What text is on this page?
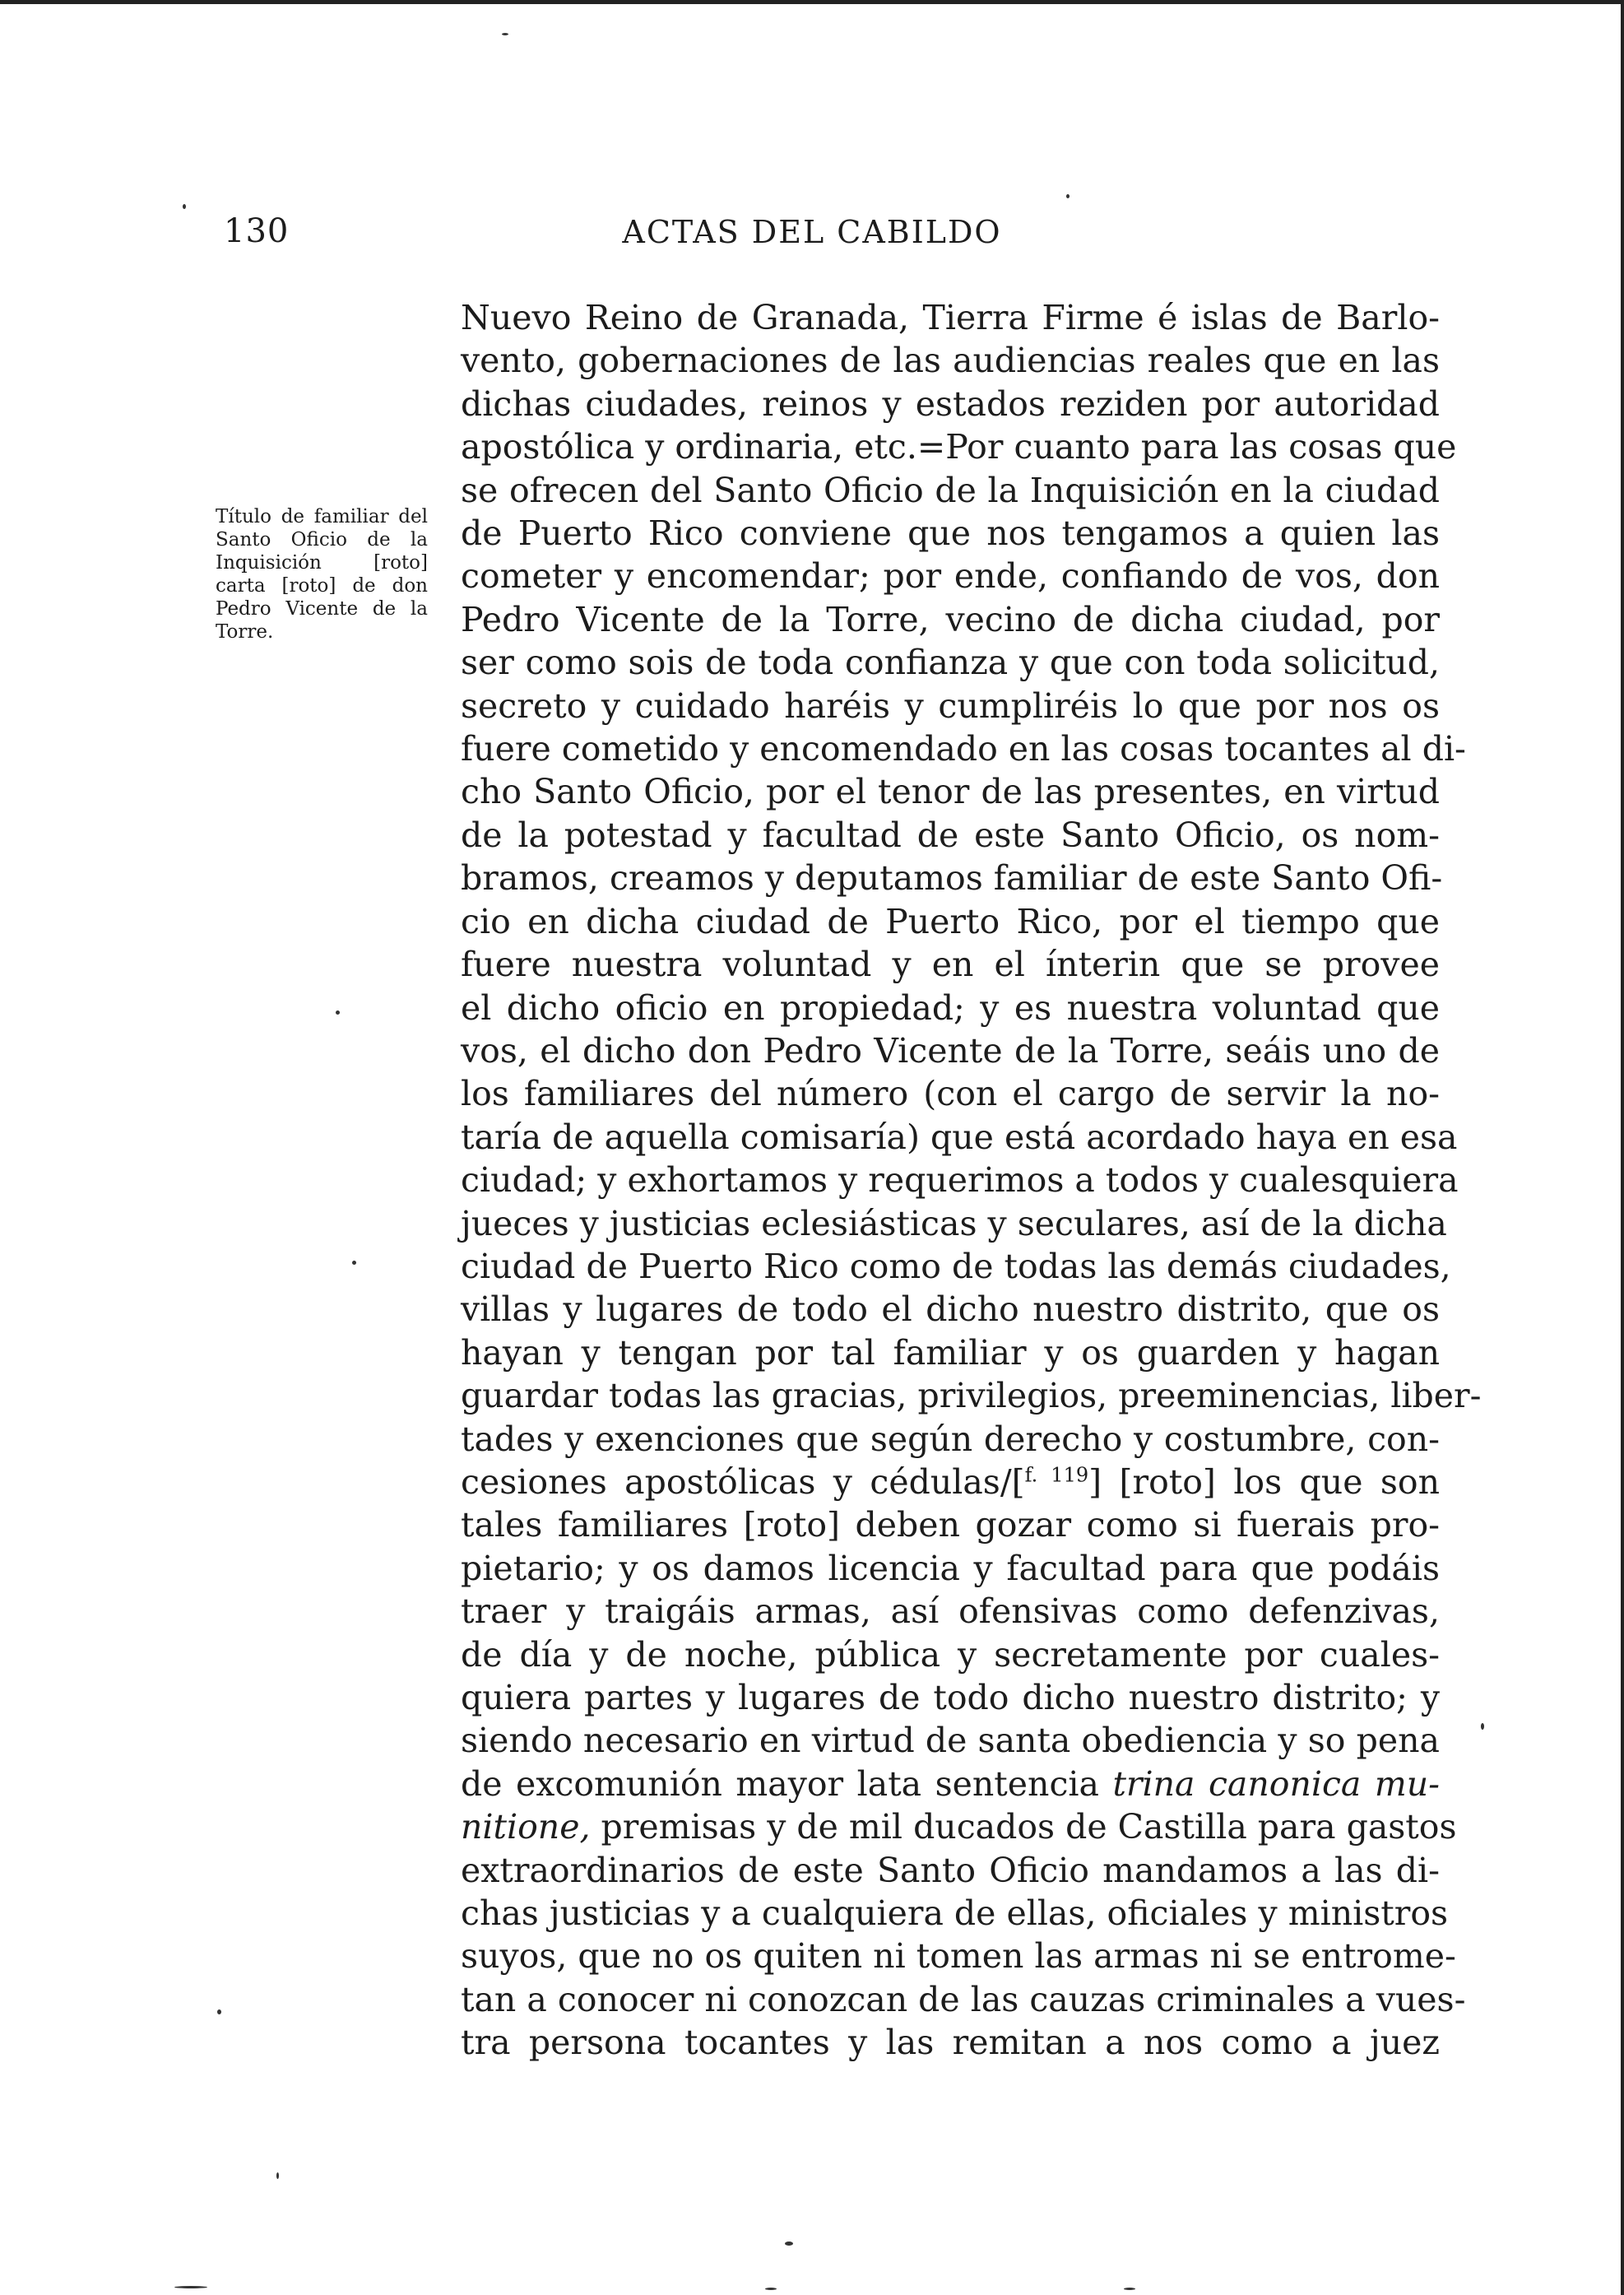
130	ACTAS DEL CABILDO
Título de familiar del Santo Oficio de la Inquisición [roto] carta [roto] de don Pedro Vicente de la Torre.
Nuevo Reino de Granada, Tierra Firme é islas de Barlo-
vento, gobernaciones de las audiencias reales que en las
dichas ciudades, reinos y estados reziden por autoridad
apostólica y ordinaria, etc.=Por cuanto para las cosas que
se ofrecen del Santo Oficio de la Inquisición en la ciudad
de Puerto Rico conviene que nos tengamos a quien las
cometer y encomendar; por ende, confiando de vos, don
Pedro Vicente de la Torre, vecino de dicha ciudad, por
ser como sois de toda confianza y que con toda solicitud,
secreto y cuidado haréis y cumpliréis lo que por nos os
fuere cometido y encomendado en las cosas tocantes al di-
cho Santo Oficio, por el tenor de las presentes, en virtud
de la potestad y facultad de este Santo Oficio, os nom-
bramos, creamos y deputamos familiar de este Santo Ofi-
cio en dicha ciudad de Puerto Rico, por el tiempo que
fuere nuestra voluntad y en el ínterin que se provee
el dicho oficio en propiedad; y es nuestra voluntad que
vos, el dicho don Pedro Vicente de la Torre, seáis uno de
los familiares del número (con el cargo de servir la no-
taría de aquella comisaría) que está acordado haya en esa
ciudad; y exhortamos y requerimos a todos y cualesquiera
jueces y justicias eclesiásticas y seculares, así de la dicha
ciudad de Puerto Rico como de todas las demás ciudades,
villas y lugares de todo el dicho nuestro distrito, que os
hayan y tengan por tal familiar y os guarden y hagan
guardar todas las gracias, privilegios, preeminencias, liber-
tades y exenciones que según derecho y costumbre, con-
cesiones apostólicas y cédulas/[$^{f. 119}$] [roto] los que son
tales familiares [roto] deben gozar como si fuerais pro-
pietario; y os damos licencia y facultad para que podáis
traer y traigáis armas, así ofensivas como defenzivas,
de día y de noche, pública y secretamente por cuales-
quiera partes y lugares de todo dicho nuestro distrito; y
siendo necesario en virtud de santa obediencia y so pena
de excomunión mayor lata sentencia trina canonica mu-
nitione, premisas y de mil ducados de Castilla para gastos
extraordinarios de este Santo Oficio mandamos a las di-
chas justicias y a cualquiera de ellas, oficiales y ministros
suyos, que no os quiten ni tomen las armas ni se entrome-
tan a conocer ni conozcan de las cauzas criminales a vues-
tra persona tocantes y las remitan a nos como a juez
